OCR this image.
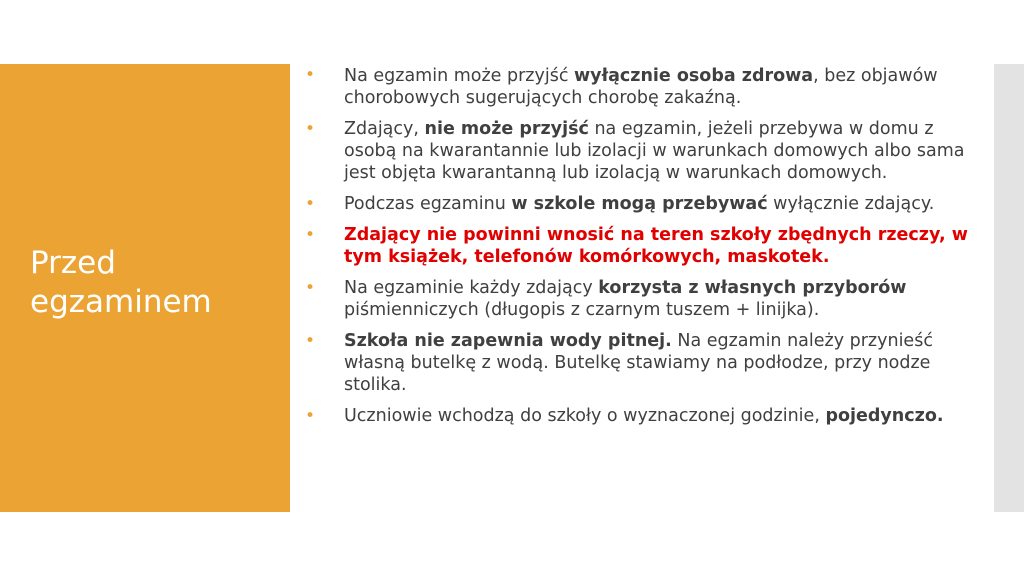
Przed egzaminem
• Na egzamin może przyjść wyłącznie osoba zdrowa, bez objawów chorobowych sugerujących chorobę zakaźną.
• Zdający, nie może przyjść na egzamin, jeżeli przebywa w domu z osobą na kwarantannie lub izolacji w warunkach domowych albo sama jest objęta kwarantanną lub izolacją w warunkach domowych.
• Podczas egzaminu w szkole mogą przebywać wyłącznie zdający.
• Zdający nie powinni wnosić na teren szkoły zbędnych rzeczy, w tym książek, telefonów komórkowych, maskotek.
• Na egzaminie każdy zdający korzysta z własnych przyborów piśmienniczych (długopis z czarnym tuszem + linijka).
• Szkoła nie zapewnia wody pitnej. Na egzamin należy przynieść własną butelkę z wodą. Butelkę stawiamy na podłodze, przy nodze stolika.
• Uczniowie wchodzą do szkoły o wyznaczonej godzinie, pojedynczo.
